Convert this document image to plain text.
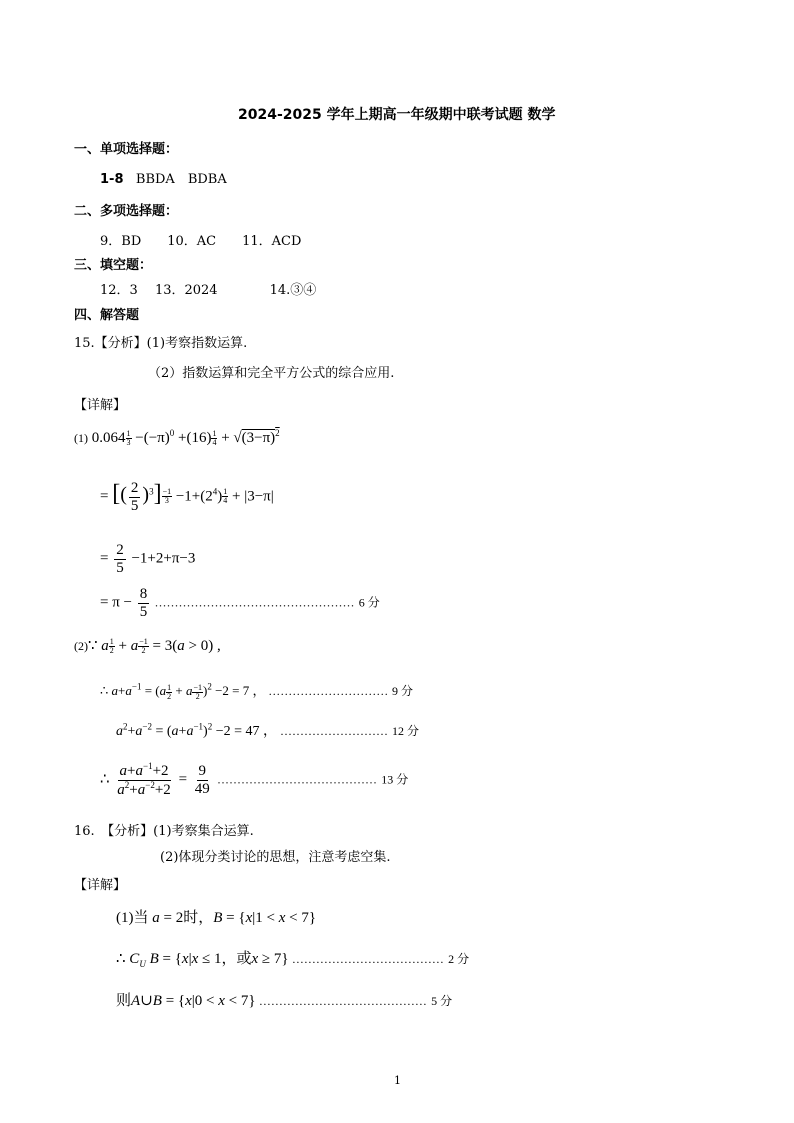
2024-2025 学年上期高一年级期中联考试题 数学
一、单项选择题：
1-8 BBDA　BDBA
二、多项选择题：
9．BD　　10．AC　　11．ACD
三、填空题：
12．3　 13．2024　　　　14.③④
四、解答题
15.【分析】(1)考察指数运算.
（2）指数运算和完全平方公式的综合应用.
【详解】
(1) $0.064 \frac{1}{3} -(-\pi)^0 +(16) \frac{1}{4} + √(3-\pi)^2$
= [( $\frac{2}{5} )^3] \frac{-1}{3} -1+(2^4) \frac{1}{4} + |3-\pi|$
= $\frac{2}{5} -1+2+\pi-3$
= $\pi - \frac{8}{5}$ .................................................. 6 分
(2)∵ a $\frac{1}{2} + a \frac{-1}{2} = 3(a > 0)$ ,
∴ $a+a^{-1} = (a \frac{1}{2} + a \frac{-1}{2} )^2 -2 = 7$ ， .............................. 9 分
$a^2+a^{-2} = (a+a^{-1})^2 -2 = 47$ ， ........................... 12 分
∴ $\frac{a+a^{-1}+2}{a^2+a^{-2}+2} = \frac{9}{49}$ ........................................ 13 分
16.　【分析】(1)考察集合运算.
(2)体现分类讨论的思想，注意考虑空集.
【详解】
(1)当 a = 2时，B = {x|1 < x < 7}
∴ $C_U$ B = {x|x ≤ 1，或x ≥ 7} ...................................... 2 分
则A∪B = {x|0 < x < 7} .......................................... 5 分
1
